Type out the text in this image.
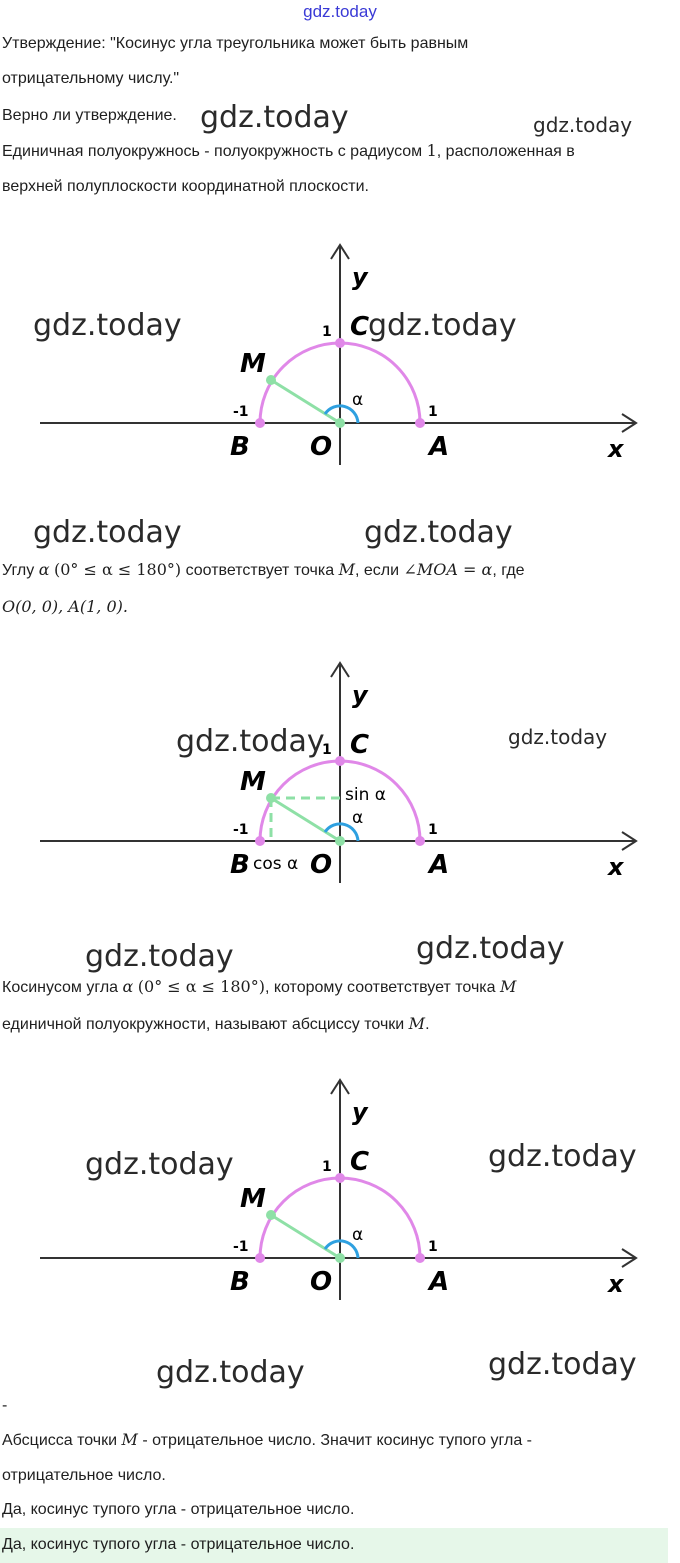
gdz.today
Утверждение: "Косинус угла треугольника может быть равным
отрицательному числу."
Верно ли утверждение.
Единичная полуокружнось - полуокружность с радиусом 1, расположенная в
верхней полуплоскости координатной плоскости.
y
x
C
M
B O	A
1
1
-1
α
Углу α (0° ≤ α ≤ 180°) соответствует точка M, если ∠MOA = α, где
O(0, 0), A(1, 0).
y
x
C
M
B O	A
1
1
-1
α
sin α
cos α
Косинусом угла α (0° ≤ α ≤ 180°), которому соответствует точка M
единичной полуокружности, называют абсциссу точки M.
y
x
C
M
B O	A
1
1
-1
α
-
Абсцисса точки M - отрицательное число. Значит косинус тупого угла -
отрицательное число.
Да, косинус тупого угла - отрицательное число.
Да, косинус тупого угла - отрицательное число.
gdz.today	gdz.today
gdz.today	gdz.today
gdz.today	gdz.today
gdz.today	gdz.today
gdz.today	gdz.today
gdz.today	gdz.today
gdz.today	gdz.today
